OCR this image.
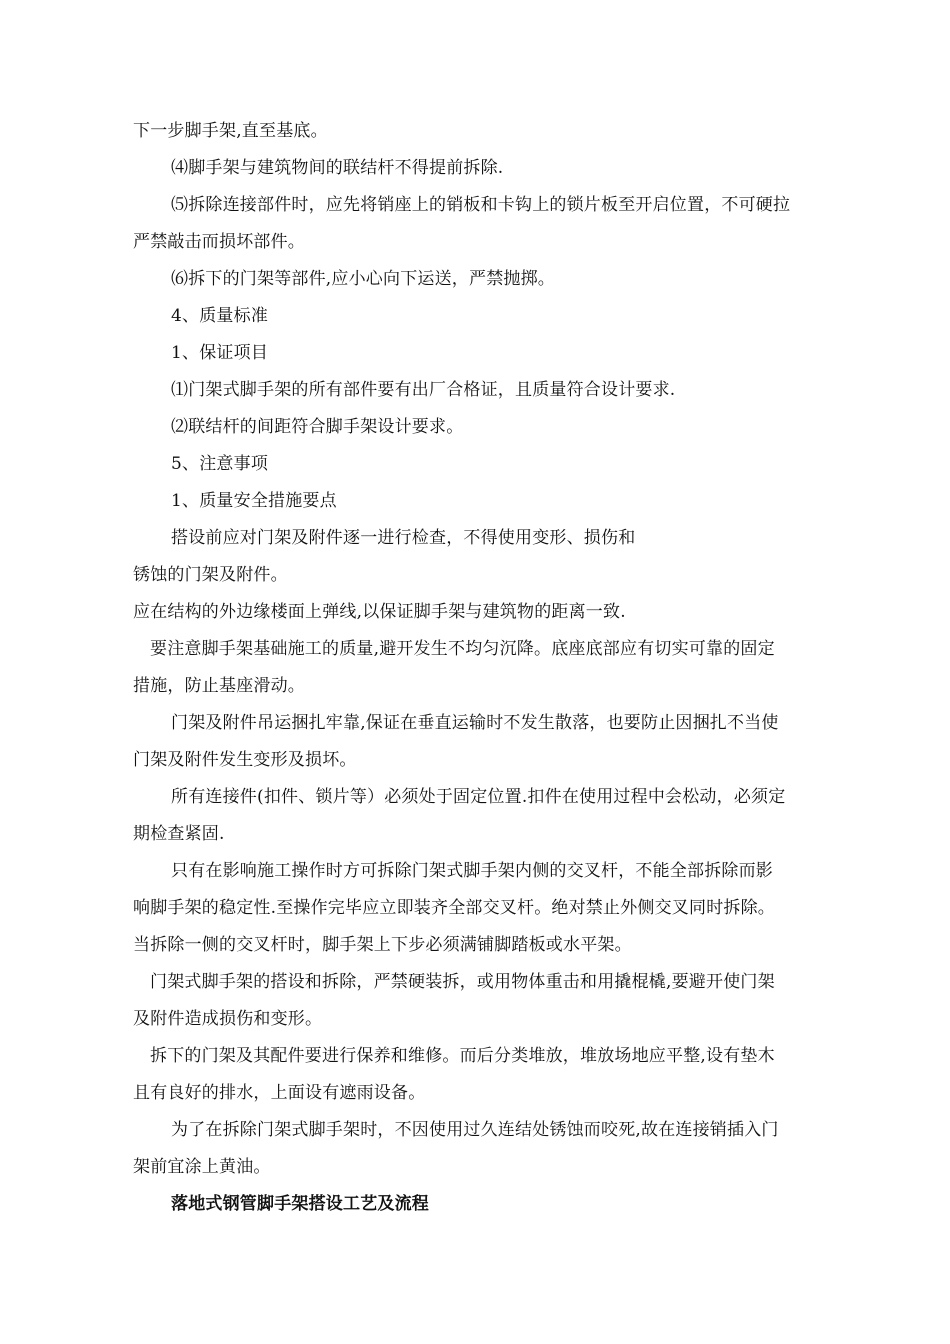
下一步脚手架,直至基底。
⑷脚手架与建筑物间的联结杆不得提前拆除.
⑸拆除连接部件时，应先将销座上的销板和卡钩上的锁片板至开启位置，不可硬拉
严禁敲击而损坏部件。
⑹拆下的门架等部件,应小心向下运送，严禁抛掷。
4、质量标准
1、保证项目
⑴门架式脚手架的所有部件要有出厂合格证，且质量符合设计要求.
⑵联结杆的间距符合脚手架设计要求。
5、注意事项
1、质量安全措施要点
搭设前应对门架及附件逐一进行检查，不得使用变形、损伤和
锈蚀的门架及附件。
应在结构的外边缘楼面上弹线,以保证脚手架与建筑物的距离一致.
要注意脚手架基础施工的质量,避开发生不均匀沉降。底座底部应有切实可靠的固定
措施，防止基座滑动。
门架及附件吊运捆扎牢靠,保证在垂直运输时不发生散落，也要防止因捆扎不当使
门架及附件发生变形及损坏。
所有连接件(扣件、锁片等）必须处于固定位置.扣件在使用过程中会松动，必须定
期检查紧固.
只有在影响施工操作时方可拆除门架式脚手架内侧的交叉杆，不能全部拆除而影
响脚手架的稳定性.至操作完毕应立即装齐全部交叉杆。绝对禁止外侧交叉同时拆除。
当拆除一侧的交叉杆时，脚手架上下步必须满铺脚踏板或水平架。
门架式脚手架的搭设和拆除，严禁硬装拆，或用物体重击和用撬棍橇,要避开使门架
及附件造成损伤和变形。
拆下的门架及其配件要进行保养和维修。而后分类堆放，堆放场地应平整,设有垫木
且有良好的排水，上面设有遮雨设备。
为了在拆除门架式脚手架时，不因使用过久连结处锈蚀而咬死,故在连接销插入门
架前宜涂上黄油。
落地式钢管脚手架搭设工艺及流程
